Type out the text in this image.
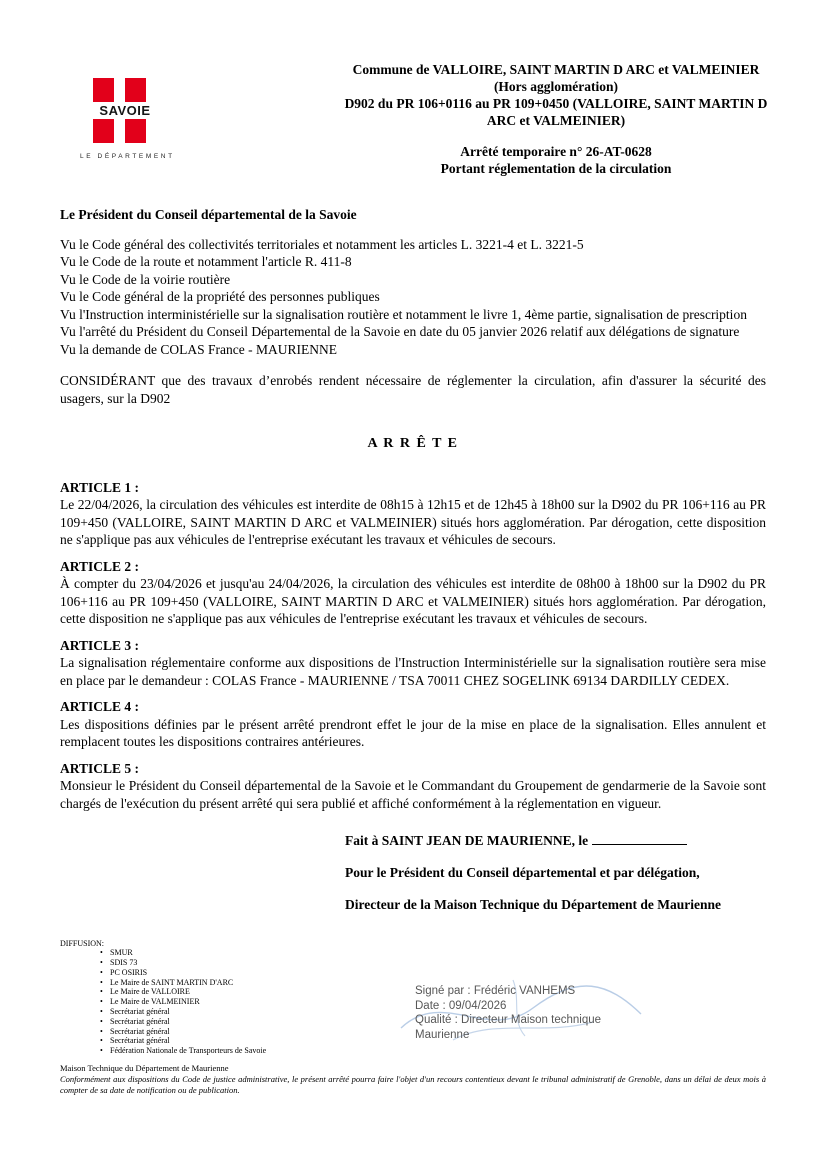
SAVOIE
LE DÉPARTEMENT
Commune de VALLOIRE, SAINT MARTIN D ARC et VALMEINIER
(Hors agglomération)
D902 du PR 106+0116 au PR 109+0450 (VALLOIRE, SAINT MARTIN D ARC et VALMEINIER)
Arrêté temporaire n° 26-AT-0628
Portant réglementation de la circulation

Le Président du Conseil départemental de la Savoie

Vu le Code général des collectivités territoriales et notamment les articles L. 3221-4 et L. 3221-5
Vu le Code de la route et notamment l'article R. 411-8
Vu le Code de la voirie routière
Vu le Code général de la propriété des personnes publiques
Vu l'Instruction interministérielle sur la signalisation routière et notamment le livre 1, 4ème partie, signalisation de prescription
Vu l'arrêté du Président du Conseil Départemental de la Savoie en date du 05 janvier 2026 relatif aux délégations de signature
Vu la demande de COLAS France - MAURIENNE

CONSIDÉRANT que des travaux d’enrobés rendent nécessaire de réglementer la circulation, afin d'assurer la sécurité des usagers, sur la D902

A R R Ê T E

ARTICLE 1 :

Le 22/04/2026, la circulation des véhicules est interdite de 08h15 à 12h15 et de 12h45 à 18h00 sur la D902 du PR 106+116 au PR 109+450 (VALLOIRE, SAINT MARTIN D ARC et VALMEINIER) situés hors agglomération. Par dérogation, cette disposition ne s'applique pas aux véhicules de l'entreprise exécutant les travaux et véhicules de secours.

ARTICLE 2 :

À compter du 23/04/2026 et jusqu'au 24/04/2026, la circulation des véhicules est interdite de 08h00 à 18h00 sur la D902 du PR 106+116 au PR 109+450 (VALLOIRE, SAINT MARTIN D ARC et VALMEINIER) situés hors agglomération. Par dérogation, cette disposition ne s'applique pas aux véhicules de l'entreprise exécutant les travaux et véhicules de secours.

ARTICLE 3 :

La signalisation réglementaire conforme aux dispositions de l'Instruction Interministérielle sur la signalisation routière sera mise en place par le demandeur : COLAS France - MAURIENNE / TSA 70011 CHEZ SOGELINK 69134 DARDILLY CEDEX.

ARTICLE 4 :

Les dispositions définies par le présent arrêté prendront effet le jour de la mise en place de la signalisation. Elles annulent et remplacent toutes les dispositions contraires antérieures.

ARTICLE 5 :

Monsieur le Président du Conseil départemental de la Savoie et le Commandant du Groupement de gendarmerie de la Savoie sont chargés de l'exécution du présent arrêté qui sera publié et affiché conformément à la réglementation en vigueur.

Fait à SAINT JEAN DE MAURIENNE, le

Pour le Président du Conseil départemental et par délégation,

Directeur de la Maison Technique du Département de Maurienne

DIFFUSION:
• SMUR
• SDIS 73
• PC OSIRIS
• Le Maire de SAINT MARTIN D'ARC
• Le Maire de VALLOIRE
• Le Maire de VALMEINIER
• Secrétariat général
• Secrétariat général
• Secrétariat général
• Secrétariat général
• Fédération Nationale de Transporteurs de Savoie
Maison Technique du Département de Maurienne
Conformément aux dispositions du Code de justice administrative, le présent arrêté pourra faire l'objet d'un recours contentieux devant le tribunal administratif de Grenoble, dans un délai de deux mois à compter de sa date de notification ou de publication.
Signé par : Frédéric VANHEMS
Date : 09/04/2026
Qualité : Directeur Maison technique Maurienne
